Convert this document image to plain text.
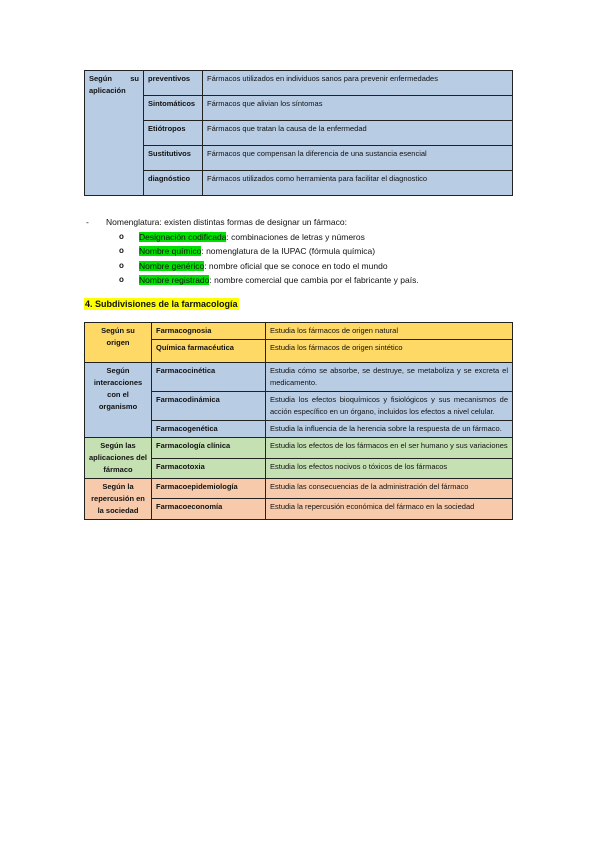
Según su aplicación	preventivos	Fármacos utilizados en individuos sanos para prevenir enfermedades
	Sintomáticos	Fármacos que alivian los síntomas
	Etiótropos	Fármacos que tratan la causa de la enfermedad
	Sustitutivos	Fármacos que compensan la diferencia de una sustancia esencial
	diagnóstico	Fármacos utilizados como herramienta para facilitar el diagnostico
- Nomenglatura: existen distintas formas de designar un fármaco:
o Designación codificada: combinaciones de letras y números
o Nombre químico: nomenglatura de la IUPAC (fórmula química)
o Nombre genérico: nombre oficial que se conoce en todo el mundo
o Nombre registrado: nombre comercial que cambia por el fabricante y país.
4. Subdivisiones de la farmacología
Según su origen	Farmacognosia	Estudia los fármacos de origen natural
	Química farmacéutica	Estudia los fármacos de origen sintético
Según interacciones con el organismo	Farmacocinética	Estudia cómo se absorbe, se destruye, se metaboliza y se excreta el medicamento.
	Farmacodinámica	Estudia los efectos bioquímicos y fisiológicos y sus mecanismos de acción específico en un órgano, incluidos los efectos a nivel celular.
	Farmacogenética	Estudia la influencia de la herencia sobre la respuesta de un fármaco.
Según las aplicaciones del fármaco	Farmacología clínica	Estudia los efectos de los fármacos en el ser humano y sus variaciones
	Farmacotoxia	Estudia los efectos nocivos o tóxicos de los fármacos
Según la repercusión en la sociedad	Farmacoepidemiología	Estudia las consecuencias de la administración del fármaco
	Farmacoeconomía	Estudia la repercusión económica del fármaco en la sociedad
